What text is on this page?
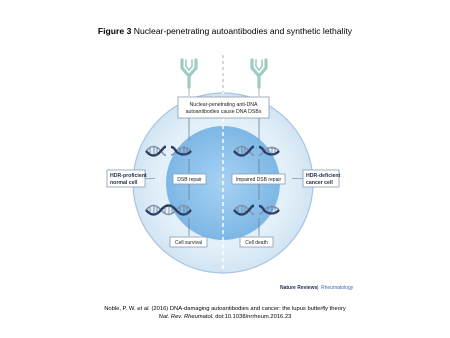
Figure 3 Nuclear-penetrating autoantibodies and synthetic lethality
Nuclear-penetrating anti-DNA
autoantibodies cause DNA DSBs
DSB repair	Impaired DSB repair
Cell survival	Cell death
HDR-proficient
normal cell
HDR-deficient
cancer cell
Nature Reviews | Rheumatology
Noble, P. W. et al. (2016) DNA-damaging autoantibodies and cancer: the lupus butterfly theory
Nat. Rev. Rheumatol. doi:10.1038/nrrheum.2016.23
